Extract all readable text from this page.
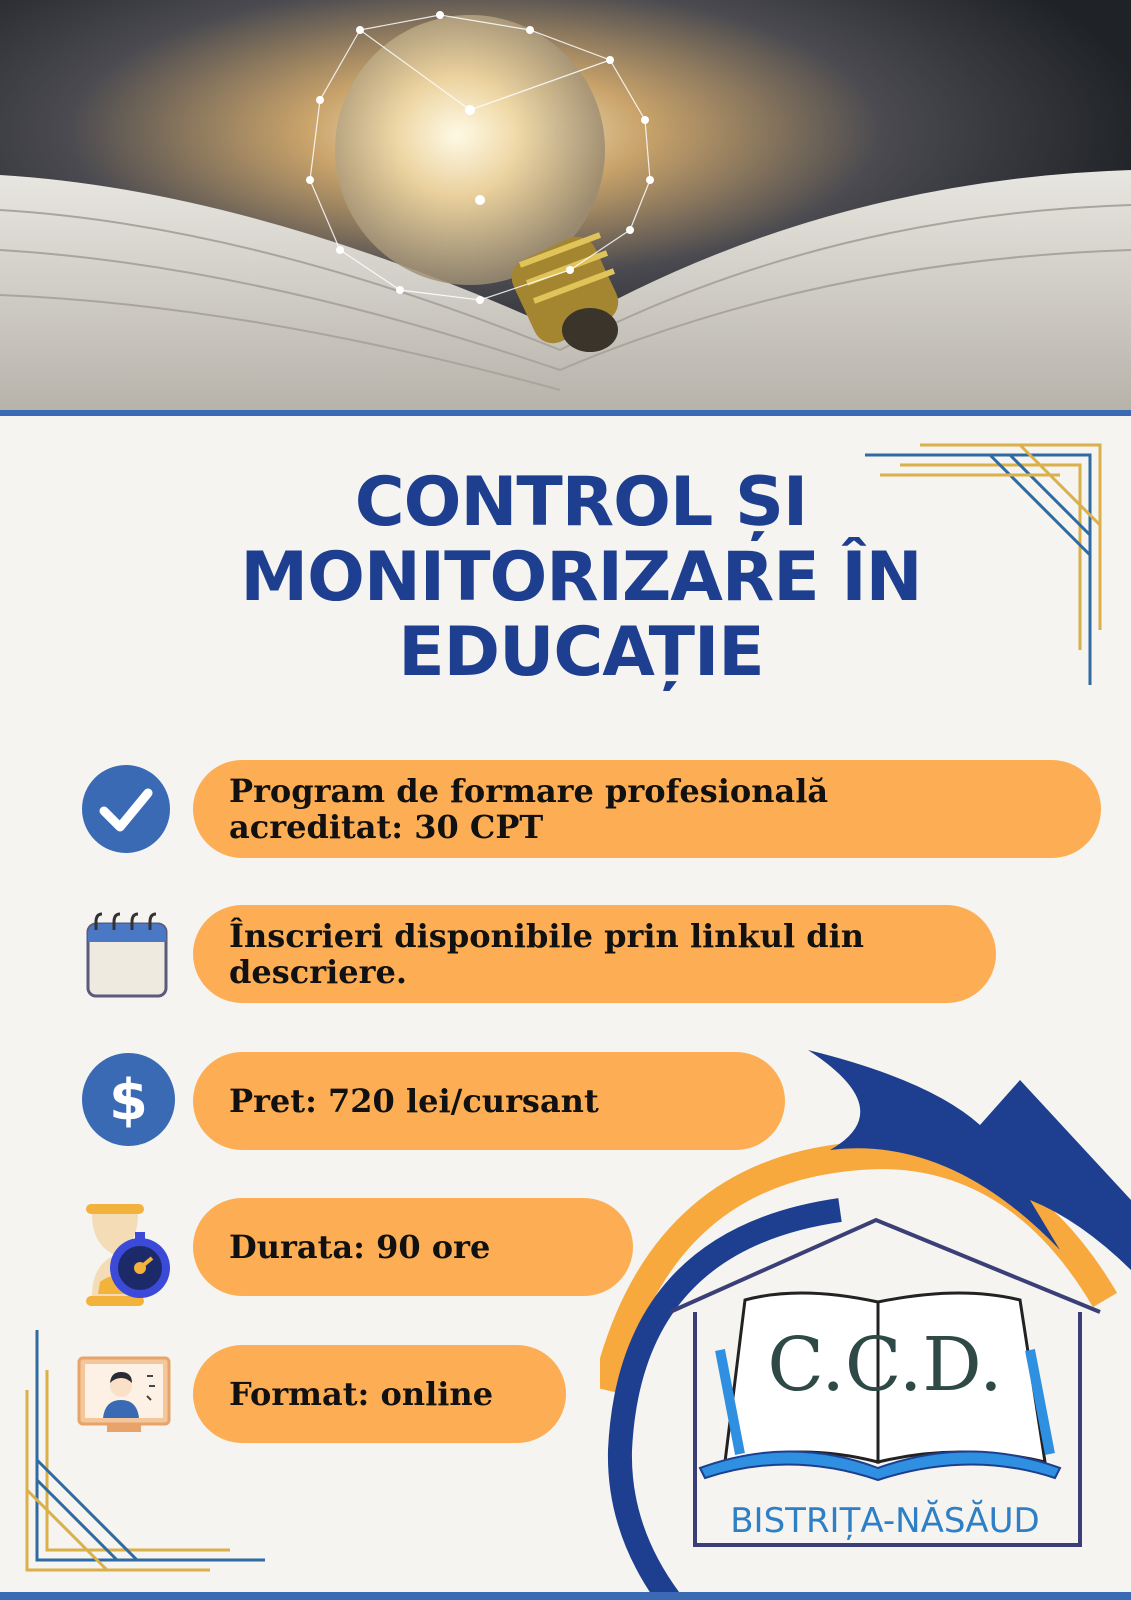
CONTROL ȘI
MONITORIZARE ÎN
EDUCAȚIE
Program de formare profesională
acreditat: 30 CPT
Înscrieri disponibile prin linkul din
descriere.
$	Pret: 720 lei/cursant
Durata: 90 ore
Format: online	C.C.D.
BISTRIȚA-NĂSĂUD
